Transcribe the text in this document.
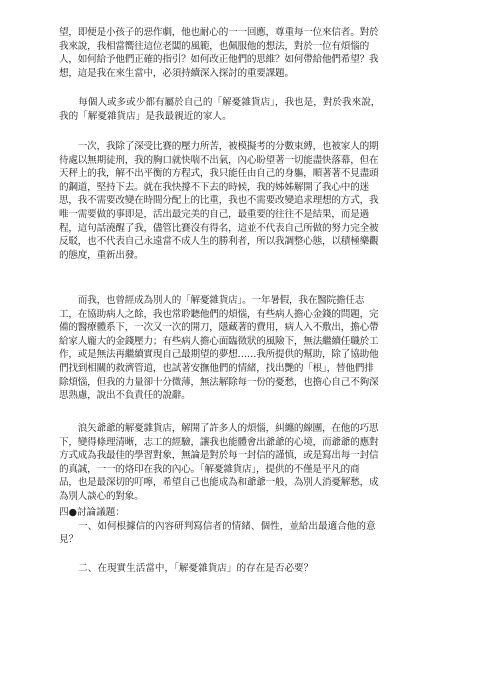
望，即便是小孩子的惡作劇，他也耐心的一一回應，尊重每一位來信者。對於
我來說，我相當嚮往這位老闆的風範，也佩服他的想法，對於一位有煩惱的
人，如何給予他們正確的指引？如何改正他們的思維？如何帶給他們希望？我
想，這是我在來生當中，必須持續深入探討的重要課題。

　　每個人或多或少都有屬於自己的「解憂雜貨店」，我也是，對於我來說，
我的「解憂雜貨店」是我最親近的家人。

　　一次，我除了深受比賽的壓力所苦，被模擬考的分數束縛，也被家人的期
待處以無期徒刑，我的胸口就快喘不出氣，內心盼望著一切能盡快落幕，但在
天秤上的我，解不出平衡的方程式，我只能任由自己的身軀，順著著不見盡頭
的鋼道，堅持下去。就在我快撐不下去的時候，我的姊姊解開了我心中的迷
思，我不需要改變在時間分配上的比重，我也不需要改變追求理想的方式，我
唯一需要做的事即是，活出最完美的自己，最重要的往往不是結果，而是過
程，這句話澆醒了我，儘管比賽沒有得名，這並不代表自己所做的努力完全被
反駁，也不代表自己永遠當不成人生的勝利者，所以我調整心態，以積極樂觀
的態度，重新出發。

　　而我，也曾經成為別人的「解憂雜貨店」。一年暑假，我在醫院擔任志
工，在協助病人之餘，我也常聆聽他們的煩惱，有些病人擔心金錢的問題，完
備的醫療體系下，一次又一次的開刀，隱藏著的費用，病人入不敷出，擔心帶
給家人龐大的金錢壓力；有些病人擔心面臨徵狀的風險下，無法繼續任職於工
作，或是無法再繼續實現自己最期望的夢想……我所提供的幫助，除了協助他
們找到相關的救濟管道，也試著安撫他們的情緒，找出艷的「根」，替他們排
除煩惱，但我的力量卻十分微薄，無法解除每一份的憂愁，也擔心自己不夠深
思熟慮，說出不負責任的說辭。

　　浪矢爺爺的解憂雜貨店，解開了許多人的煩惱，糾纏的線團，在他的巧思
下，變得條理清晰，志工的經驗，讓我也能體會出爺爺的心境，而爺爺的應對
方式成為我最佳的學習對象，無論是對於每一封信的謹慎，或是寫出每一封信
的真誠，一一的烙印在我的內心。「解憂雜貨店」，提供的不僅是平凡的商
品，也是最深切的叮嚀，希望自己也能成為和爺爺一般，為別人消憂解愁，成
為別人談心的對象。

四●討論議題：
　　一、如何根據信的內容研判寫信者的情緒、個性，並給出最適合他的意
見？

　　二、在現實生活當中，「解憂雜貨店」的存在是否必要？
